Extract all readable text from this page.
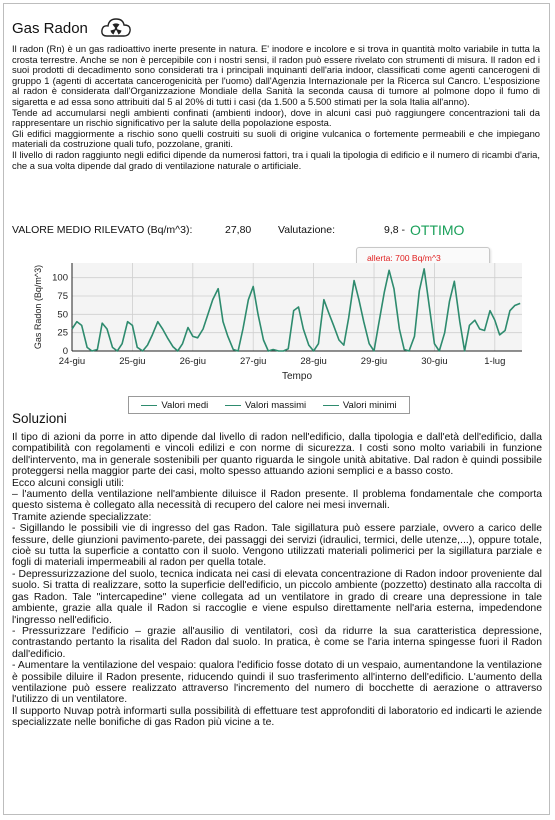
Gas Radon

Il radon (Rn) è un gas radioattivo inerte presente in natura. E' inodore e incolore e si trova in quantità molto variabile in tutta la crosta terrestre. Anche se non è percepibile con i nostri sensi, il radon può essere rivelato con strumenti di misura. Il radon ed i suoi prodotti di decadimento sono considerati tra i principali inquinanti dell'aria indoor, classificati come agenti cancerogeni di gruppo 1 (agenti di accertata cancerogenicità per l'uomo) dall'Agenzia Internazionale per la Ricerca sul Cancro. L'esposizione al radon è considerata dall'Organizzazione Mondiale della Sanità la seconda causa di tumore al polmone dopo il fumo di sigaretta e ad essa sono attribuiti dal 5 al 20% di tutti i casi (da 1.500 a 5.500 stimati per la sola Italia all'anno).

Tende ad accumularsi negli ambienti confinati (ambienti indoor), dove in alcuni casi può raggiungere concentrazioni tali da rappresentare un rischio significativo per la salute della popolazione esposta.

Gli edifici maggiormente a rischio sono quelli costruiti su suoli di origine vulcanica o fortemente permeabili e che impiegano materiali da costruzione quali tufo, pozzolane, graniti.

Il livello di radon raggiunto negli edifici dipende da numerosi fattori, tra i quali la tipologia di edificio e il numero di ricambi d'aria, che a sua volta dipende dal grado di ventilazione naturale o artificiale.

VALORE MEDIO RILEVATO (Bq/m^3):	27,80	Valutazione:	9,8 - OTTIMO
allerta: 700 Bq/m^3
0
25
50
75
100
24-giu	25-giu	26-giu	27-giu	28-giu	29-giu	30-giu	1-lug
Gas Radon (Bq/m^3)
Tempo
Valori medi	Valori massimi	Valori minimi
Soluzioni

Il tipo di azioni da porre in atto dipende dal livello di radon nell'edificio, dalla tipologia e dall'età dell'edificio, dalla compatibilità con regolamenti e vincoli edilizi e con norme di sicurezza. I costi sono molto variabili in funzione dell'intervento, ma in generale sostenibili per quanto riguarda le singole unità abitative. Dal radon è quindi possibile proteggersi nella maggior parte dei casi, molto spesso attuando azioni semplici e a basso costo.

Ecco alcuni consigli utili:

– l'aumento della ventilazione nell'ambiente diluisce il Radon presente. Il problema fondamentale che comporta questo sistema è collegato alla necessità di recupero del calore nei mesi invernali.

Tramite aziende specializzate:

- Sigillando le possibili vie di ingresso del gas Radon. Tale sigillatura può essere parziale, ovvero a carico delle fessure, delle giunzioni pavimento-parete, dei passaggi dei servizi (idraulici, termici, delle utenze,...), oppure totale, cioè su tutta la superficie a contatto con il suolo. Vengono utilizzati materiali polimerici per la sigillatura parziale e fogli di materiali impermeabili al radon per quella totale.

- Depressurizzazione del suolo, tecnica indicata nei casi di elevata concentrazione di Radon indoor proveniente dal suolo. Si tratta di realizzare, sotto la superficie dell'edificio, un piccolo ambiente (pozzetto) destinato alla raccolta di gas Radon. Tale "intercapedine" viene collegata ad un ventilatore in grado di creare una depressione in tale ambiente, grazie alla quale il Radon si raccoglie e viene espulso direttamente nell'aria esterna, impedendone l'ingresso nell'edificio.

- Pressurizzare l'edificio – grazie all'ausilio di ventilatori, così da ridurre la sua caratteristica depressione, contrastando pertanto la risalita del Radon dal suolo. In pratica, è come se l'aria interna spingesse fuori il Radon dall'edificio.

- Aumentare la ventilazione del vespaio: qualora l'edificio fosse dotato di un vespaio, aumentandone la ventilazione è possibile diluire il Radon presente, riducendo quindi il suo trasferimento all'interno dell'edificio. L'aumento della ventilazione può essere realizzato attraverso l'incremento del numero di bocchette di aerazione o attraverso l'utilizzo di un ventilatore.

Il supporto Nuvap potrà informarti sulla possibilità di effettuare test approfonditi di laboratorio ed indicarti le aziende specializzate nelle bonifiche di gas Radon più vicine a te.
